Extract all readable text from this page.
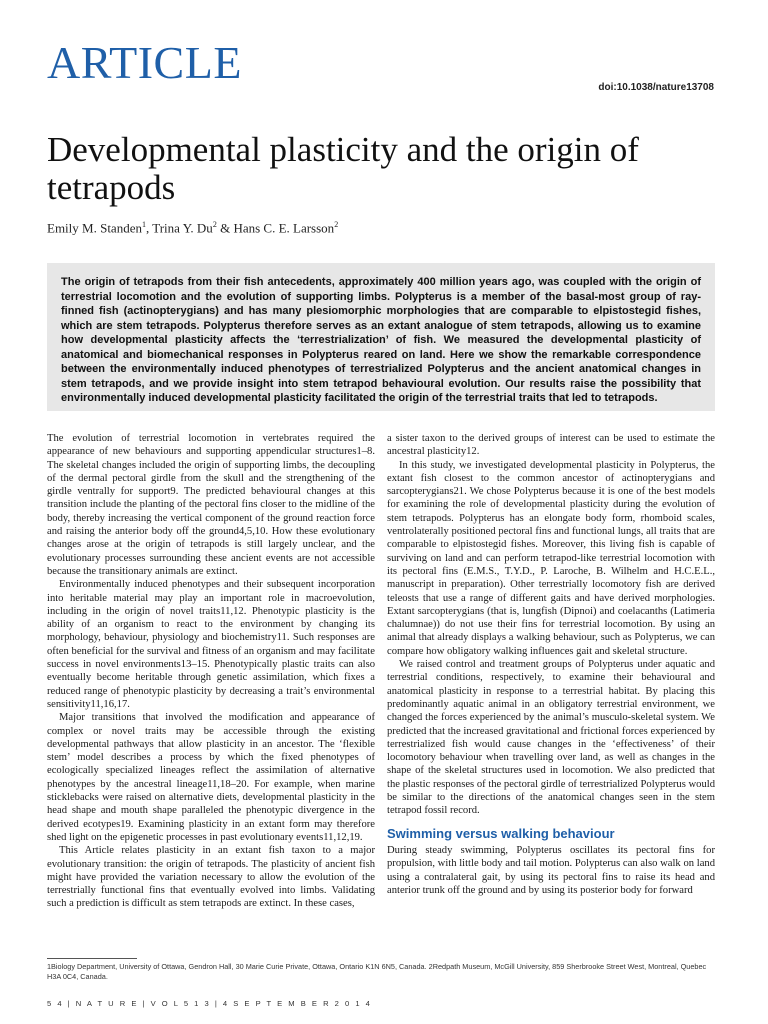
ARTICLE	doi:10.1038/nature13708
Developmental plasticity and the origin of tetrapods
Emily M. Standen$^1$, Trina Y. Du$^2$ & Hans C. E. Larsson$^2$

The origin of tetrapods from their fish antecedents, approximately 400 million years ago, was coupled with the origin of terrestrial locomotion and the evolution of supporting limbs. Polypterus is a member of the basal-most group of ray-finned fish (actinopterygians) and has many plesiomorphic morphologies that are comparable to elpistostegid fishes, which are stem tetrapods. Polypterus therefore serves as an extant analogue of stem tetrapods, allowing us to examine how developmental plasticity affects the ‘terrestrialization’ of fish. We measured the developmental plasticity of anatomical and biomechanical responses in Polypterus reared on land. Here we show the remarkable correspondence between the environmentally induced phenotypes of terrestrialized Polypterus and the ancient anatomical changes in stem tetrapods, and we provide insight into stem tetrapod behavioural evolution. Our results raise the possibility that environmentally induced developmental plasticity facilitated the origin of the terrestrial traits that led to tetrapods.

The evolution of terrestrial locomotion in vertebrates required the appearance of new behaviours and supporting appendicular structures1–8. The skeletal changes included the origin of supporting limbs, the decoupling of the dermal pectoral girdle from the skull and the strengthening of the girdle ventrally for support9. The predicted behavioural changes at this transition include the planting of the pectoral fins closer to the midline of the body, thereby increasing the vertical component of the ground reaction force and raising the anterior body off the ground4,5,10. How these evolutionary changes arose at the origin of tetrapods is still largely unclear, and the evolutionary processes surrounding these ancient events are not accessible because the transitionary animals are extinct.

Environmentally induced phenotypes and their subsequent incorporation into heritable material may play an important role in macroevolution, including in the origin of novel traits11,12. Phenotypic plasticity is the ability of an organism to react to the environment by changing its morphology, behaviour, physiology and biochemistry11. Such responses are often beneficial for the survival and fitness of an organism and may facilitate success in novel environments13–15. Phenotypically plastic traits can also eventually become heritable through genetic assimilation, which fixes a reduced range of phenotypic plasticity by decreasing a trait’s environmental sensitivity11,16,17.

Major transitions that involved the modification and appearance of complex or novel traits may be accessible through the existing developmental pathways that allow plasticity in an ancestor. The ‘flexible stem’ model describes a process by which the fixed phenotypes of ecologically specialized lineages reflect the assimilation of alternative phenotypes by the ancestral lineage11,18–20. For example, when marine sticklebacks were raised on alternative diets, developmental plasticity in the head shape and mouth shape paralleled the phenotypic divergence in the derived ecotypes19. Examining plasticity in an extant form may therefore shed light on the epigenetic processes in past evolutionary events11,12,19.

This Article relates plasticity in an extant fish taxon to a major evolutionary transition: the origin of tetrapods. The plasticity of ancient fish might have provided the variation necessary to allow the evolution of the terrestrially functional fins that eventually evolved into limbs. Validating such a prediction is difficult as stem tetrapods are extinct. In these cases,

a sister taxon to the derived groups of interest can be used to estimate the ancestral plasticity12.

In this study, we investigated developmental plasticity in Polypterus, the extant fish closest to the common ancestor of actinopterygians and sarcopterygians21. We chose Polypterus because it is one of the best models for examining the role of developmental plasticity during the evolution of stem tetrapods. Polypterus has an elongate body form, rhomboid scales, ventrolaterally positioned pectoral fins and functional lungs, all traits that are comparable to elpistostegid fishes. Moreover, this living fish is capable of surviving on land and can perform tetrapod-like terrestrial locomotion with its pectoral fins (E.M.S., T.Y.D., P. Laroche, B. Wilhelm and H.C.E.L., manuscript in preparation). Other terrestrially locomotory fish are derived teleosts that use a range of different gaits and have derived morphologies. Extant sarcopterygians (that is, lungfish (Dipnoi) and coelacanths (Latimeria chalumnae)) do not use their fins for terrestrial locomotion. By using an animal that already displays a walking behaviour, such as Polypterus, we can compare how obligatory walking influences gait and skeletal structure.

We raised control and treatment groups of Polypterus under aquatic and terrestrial conditions, respectively, to examine their behavioural and anatomical plasticity in response to a terrestrial habitat. By placing this predominantly aquatic animal in an obligatory terrestrial environment, we changed the forces experienced by the animal’s musculo-skeletal system. We predicted that the increased gravitational and frictional forces experienced by terrestrialized fish would cause changes in the ‘effectiveness’ of their locomotory behaviour when travelling over land, as well as changes in the shape of the skeletal structures used in locomotion. We also predicted that the plastic responses of the pectoral girdle of terrestrialized Polypterus would be similar to the directions of the anatomical changes seen in the stem tetrapod fossil record.

Swimming versus walking behaviour

During steady swimming, Polypterus oscillates its pectoral fins for propulsion, with little body and tail motion. Polypterus can also walk on land using a contralateral gait, by using its pectoral fins to raise its head and anterior trunk off the ground and by using its posterior body for forward

1Biology Department, University of Ottawa, Gendron Hall, 30 Marie Curie Private, Ottawa, Ontario K1N 6N5, Canada. 2Redpath Museum, McGill University, 859 Sherbrooke Street West, Montreal, Quebec H3A 0C4, Canada.
5 4 | N A T U R E | V O L 5 1 3 | 4 S E P T E M B E R 2 0 1 4
